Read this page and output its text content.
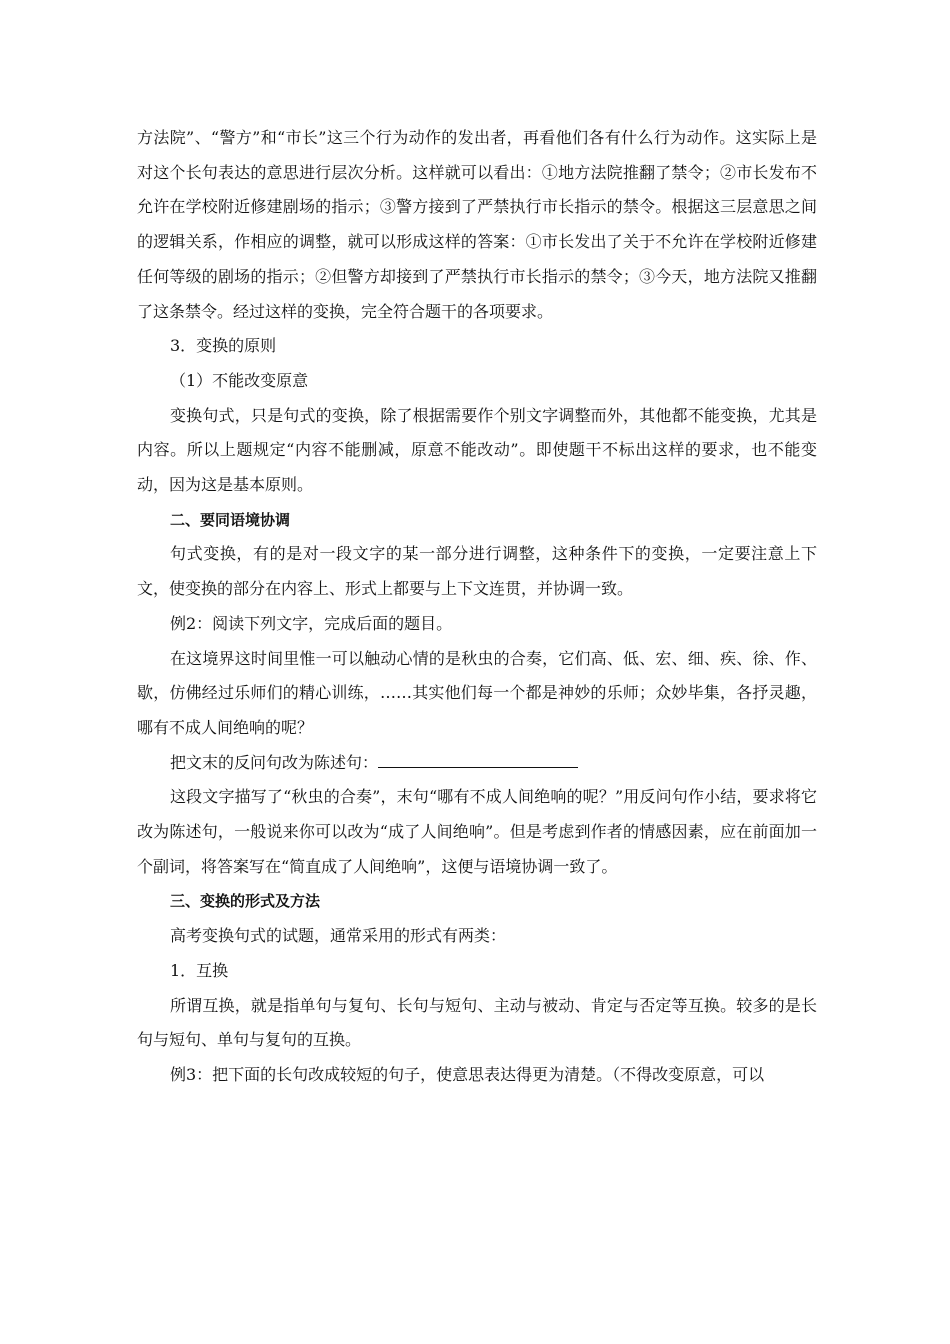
方法院”、“警方”和“市长”这三个行为动作的发出者，再看他们各有什么行为动作。这实际上是对这个长句表达的意思进行层次分析。这样就可以看出：①地方法院推翻了禁令；②市长发布不允许在学校附近修建剧场的指示；③警方接到了严禁执行市长指示的禁令。根据这三层意思之间的逻辑关系，作相应的调整，就可以形成这样的答案：①市长发出了关于不允许在学校附近修建任何等级的剧场的指示；②但警方却接到了严禁执行市长指示的禁令；③今天，地方法院又推翻了这条禁令。经过这样的变换，完全符合题干的各项要求。

3．变换的原则

（1）不能改变原意

变换句式，只是句式的变换，除了根据需要作个别文字调整而外，其他都不能变换，尤其是内容。所以上题规定“内容不能删减，原意不能改动”。即使题干不标出这样的要求，也不能变动，因为这是基本原则。

二、要同语境协调

句式变换，有的是对一段文字的某一部分进行调整，这种条件下的变换，一定要注意上下文，使变换的部分在内容上、形式上都要与上下文连贯，并协调一致。

例2：阅读下列文字，完成后面的题目。

在这境界这时间里惟一可以触动心情的是秋虫的合奏，它们高、低、宏、细、疾、徐、作、歇，仿佛经过乐师们的精心训练，……其实他们每一个都是神妙的乐师；众妙毕集，各抒灵趣，哪有不成人间绝响的呢？

把文末的反问句改为陈述句：

这段文字描写了“秋虫的合奏”，末句“哪有不成人间绝响的呢？”用反问句作小结，要求将它改为陈述句，一般说来你可以改为“成了人间绝响”。但是考虑到作者的情感因素，应在前面加一个副词，将答案写在“简直成了人间绝响”，这便与语境协调一致了。

三、变换的形式及方法

高考变换句式的试题，通常采用的形式有两类：

1．互换

所谓互换，就是指单句与复句、长句与短句、主动与被动、肯定与否定等互换。较多的是长句与短句、单句与复句的互换。

例3：把下面的长句改成较短的句子，使意思表达得更为清楚。（不得改变原意，可以
